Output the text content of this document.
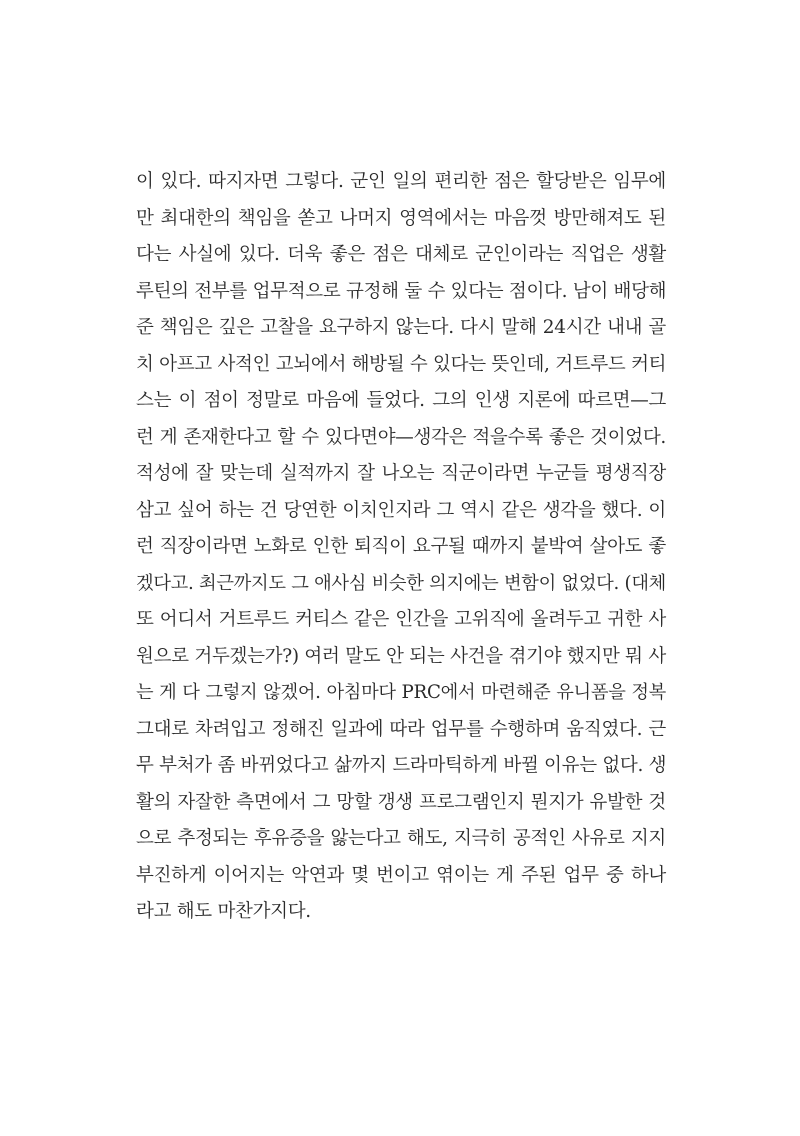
이 있다. 따지자면 그렇다. 군인 일의 편리한 점은 할당받은 임무에
만 최대한의 책임을 쏟고 나머지 영역에서는 마음껏 방만해져도 된
다는 사실에 있다. 더욱 좋은 점은 대체로 군인이라는 직업은 생활
루틴의 전부를 업무적으로 규정해 둘 수 있다는 점이다. 남이 배당해
준 책임은 깊은 고찰을 요구하지 않는다. 다시 말해 24시간 내내 골
치 아프고 사적인 고뇌에서 해방될 수 있다는 뜻인데, 거트루드 커티
스는 이 점이 정말로 마음에 들었다. 그의 인생 지론에 따르면—그
런 게 존재한다고 할 수 있다면야—생각은 적을수록 좋은 것이었다.
적성에 잘 맞는데 실적까지 잘 나오는 직군이라면 누군들 평생직장
삼고 싶어 하는 건 당연한 이치인지라 그 역시 같은 생각을 했다. 이
런 직장이라면 노화로 인한 퇴직이 요구될 때까지 붙박여 살아도 좋
겠다고. 최근까지도 그 애사심 비슷한 의지에는 변함이 없었다. (대체
또 어디서 거트루드 커티스 같은 인간을 고위직에 올려두고 귀한 사
원으로 거두겠는가?) 여러 말도 안 되는 사건을 겪기야 했지만 뭐 사
는 게 다 그렇지 않겠어. 아침마다 PRC에서 마련해준 유니폼을 정복
그대로 차려입고 정해진 일과에 따라 업무를 수행하며 움직였다. 근
무 부처가 좀 바뀌었다고 삶까지 드라마틱하게 바뀔 이유는 없다. 생
활의 자잘한 측면에서 그 망할 갱생 프로그램인지 뭔지가 유발한 것
으로 추정되는 후유증을 앓는다고 해도, 지극히 공적인 사유로 지지
부진하게 이어지는 악연과 몇 번이고 엮이는 게 주된 업무 중 하나
라고 해도 마찬가지다.
